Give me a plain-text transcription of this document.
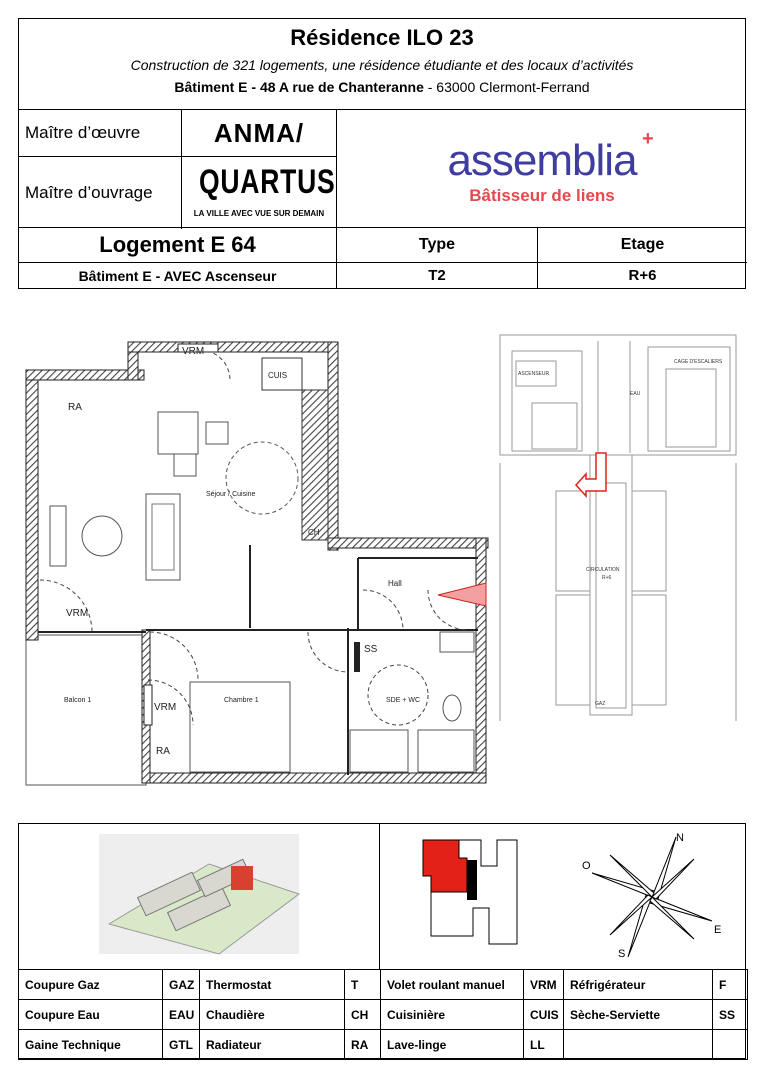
Résidence ILO 23
Construction de 321 logements, une résidence étudiante et des locaux d’activités
Bâtiment E - 48 A rue de Chanteranne - 63000 Clermont-Ferrand
Maître d’œuvre	ANMA/
Maître d’ouvrage	QUARTUS
LA VILLE AVEC VUE SUR DEMAIN
assemblia
Bâtisseur de liens
+
Logement E 64	Type	Etage
Bâtiment E - AVEC Ascenseur	T2	R+6
VRM
CUIS
RA
Séjour / Cuisine
CH
Hall
VRM
SS
Balcon 1	Chambre 1	SDE + WC
VRM
RA
ASCENSEUR
CAGE D'ESCALIERS
EAU
CIRCULATION
R+6
GAZ
N
O
E
S
Coupure Gaz	GAZ	Thermostat	T	Volet roulant manuel	VRM	Réfrigérateur	F
Coupure Eau	EAU	Chaudière	CH	Cuisinière	CUIS	Sèche-Serviette	SS
Gaine Technique	GTL	Radiateur	RA	Lave-linge	LL		
